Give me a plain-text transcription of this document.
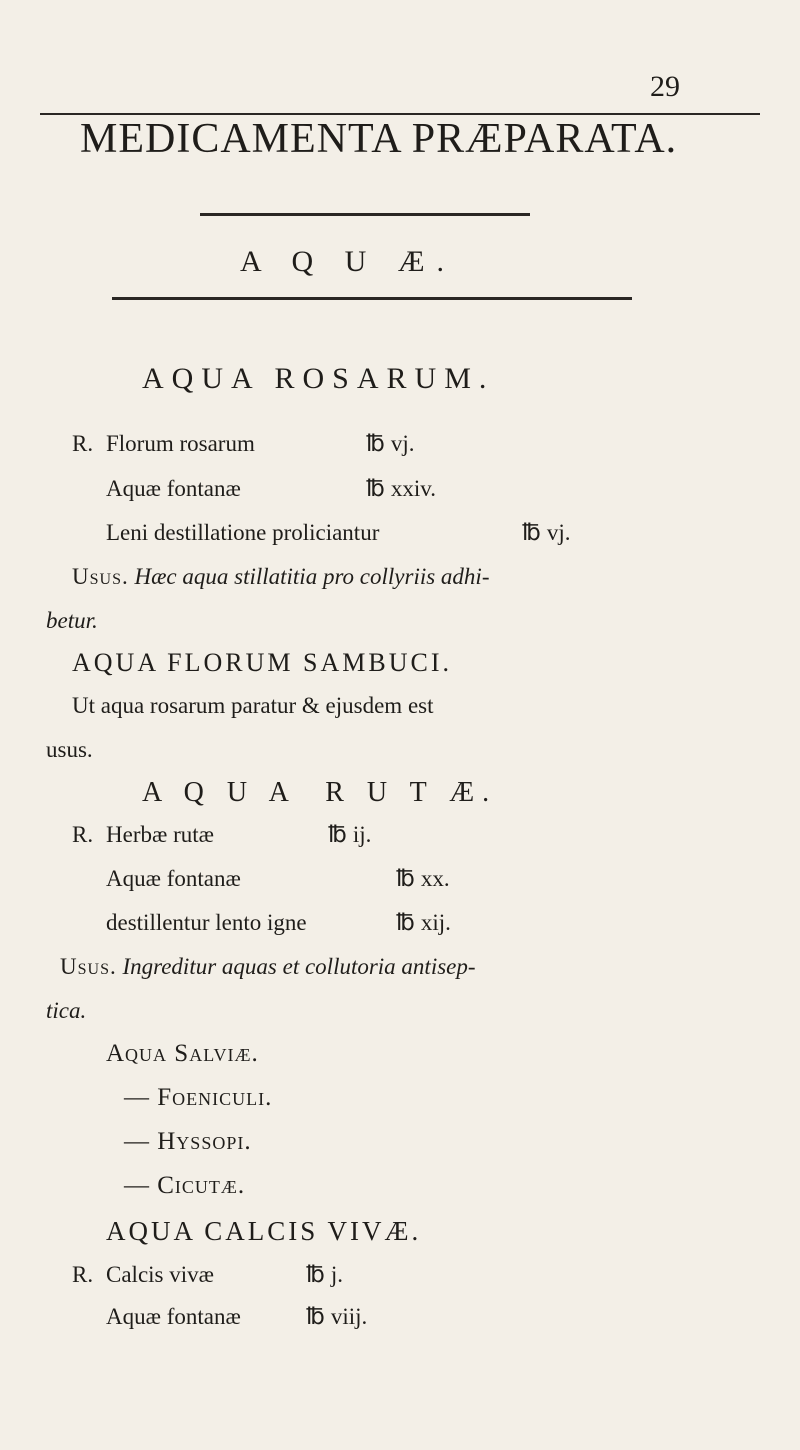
29
MEDICAMENTA PRÆPARATA.
A Q U Æ.
AQUA ROSARUM.
R. Florum rosarum	℔ vj.
Aquæ fontanæ	℔ xxiv.
Leni destillatione proliciantur	℔ vj.
Usus. Hæc aqua stillatitia pro collyriis adhi-
betur.
AQUA FLORUM SAMBUCI.
Ut aqua rosarum paratur & ejusdem est
usus.
A Q U A  R U T Æ.
R. Herbæ rutæ	℔ ij.
Aquæ fontanæ	℔ xx.
destillentur lento igne	℔ xij.
Usus. Ingreditur aquas et collutoria antisep-
tica.
Aqua Salviæ.
— Foeniculi.
— Hyssopi.
— Cicutæ.
AQUA CALCIS VIVÆ.
R. Calcis vivæ	℔ j.
Aquæ fontanæ	℔ viij.
